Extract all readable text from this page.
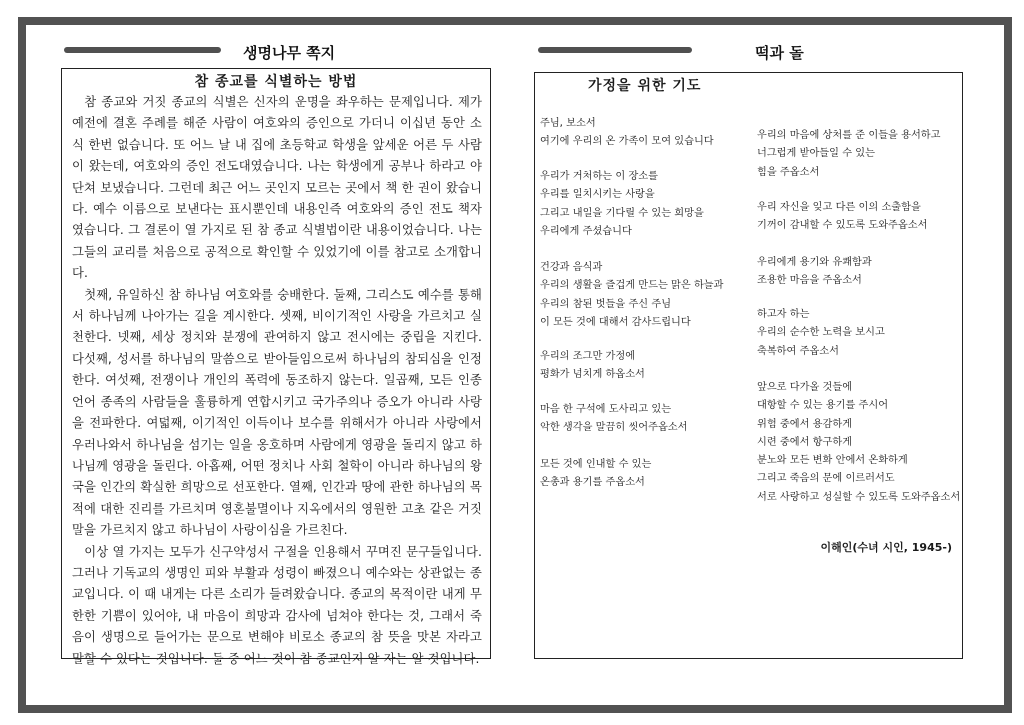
생명나무 쪽지	떡과 돌
참 종교를 식별하는 방법

참 종교와 거짓 종교의 식별은 신자의 운명을 좌우하는 문제입니다. 제가 예전에 결혼 주례를 해준 사람이 여호와의 증인으로 가더니 이십년 동안 소식 한번 없습니다. 또 어느 날 내 집에 초등학교 학생을 앞세운 어른 두 사람이 왔는데, 여호와의 증인 전도대였습니다. 나는 학생에게 공부나 하라고 야단쳐 보냈습니다. 그런데 최근 어느 곳인지 모르는 곳에서 책 한 권이 왔습니다. 예수 이름으로 보낸다는 표시뿐인데 내용인즉 여호와의 증인 전도 책자였습니다. 그 결론이 열 가지로 된 참 종교 식별법이란 내용이었습니다. 나는 그들의 교리를 처음으로 공적으로 확인할 수 있었기에 이를 참고로 소개합니다.

첫째, 유일하신 참 하나님 여호와를 숭배한다. 둘째, 그리스도 예수를 통해서 하나님께 나아가는 길을 계시한다. 셋째, 비이기적인 사랑을 가르치고 실천한다. 넷째, 세상 정치와 분쟁에 관여하지 않고 전시에는 중립을 지킨다. 다섯째, 성서를 하나님의 말씀으로 받아들임으로써 하나님의 참되심을 인정한다. 여섯째, 전쟁이나 개인의 폭력에 동조하지 않는다. 일곱째, 모든 인종 언어 종족의 사람들을 훌륭하게 연합시키고 국가주의나 증오가 아니라 사랑을 전파한다. 여덟째, 이기적인 이득이나 보수를 위해서가 아니라 사랑에서 우러나와서 하나님을 섬기는 일을 옹호하며 사람에게 영광을 돌리지 않고 하나님께 영광을 돌린다. 아홉째, 어떤 정치나 사회 철학이 아니라 하나님의 왕국을 인간의 확실한 희망으로 선포한다. 열째, 인간과 땅에 관한 하나님의 목적에 대한 진리를 가르치며 영혼불멸이나 지옥에서의 영원한 고초 같은 거짓말을 가르치지 않고 하나님이 사랑이심을 가르친다.

이상 열 가지는 모두가 신구약성서 구절을 인용해서 꾸며진 문구들입니다. 그러나 기독교의 생명인 피와 부활과 성령이 빠졌으니 예수와는 상관없는 종교입니다. 이 때 내게는 다른 소리가 들려왔습니다. 종교의 목적이란 내게 무한한 기쁨이 있어야, 내 마음이 희망과 감사에 넘쳐야 한다는 것, 그래서 죽음이 생명으로 들어가는 문으로 변해야 비로소 종교의 참 뜻을 맛본 자라고 말할 수 있다는 것입니다. 둘 중 어느 것이 참 종교인지 알 자는 알 것입니다.

가정을 위한 기도
주님, 보소서
여기에 우리의 온 가족이 모여 있습니다
우리가 거처하는 이 장소를
우리를 일치시키는 사랑을
그리고 내일을 기다릴 수 있는 희망을
우리에게 주셨습니다
건강과 음식과
우리의 생활을 즐겁게 만드는 맑은 하늘과
우리의 참된 벗들을 주신 주님
이 모든 것에 대해서 감사드립니다
우리의 조그만 가정에
평화가 넘치게 하옵소서
마음 한 구석에 도사리고 있는
악한 생각을 말끔히 씻어주옵소서
모든 것에 인내할 수 있는
온총과 용기를 주옵소서
우리의 마음에 상처를 준 이들을 용서하고
너그럽게 받아들일 수 있는
힘을 주옵소서
우리 자신을 잊고 다른 이의 소출함을
기꺼이 감내할 수 있도록 도와주옵소서
우리에게 용기와 유쾌함과
조용한 마음을 주옵소서
하고자 하는
우리의 순수한 노력을 보시고
축복하여 주옵소서
앞으로 다가올 것들에
대항할 수 있는 용기를 주시어
위험 중에서 용감하게
시련 중에서 항구하게
분노와 모든 변화 안에서 온화하게
그리고 죽음의 문에 이르러서도
서로 사랑하고 성실할 수 있도록 도와주옵소서
이해인(수녀 시인, 1945-)
